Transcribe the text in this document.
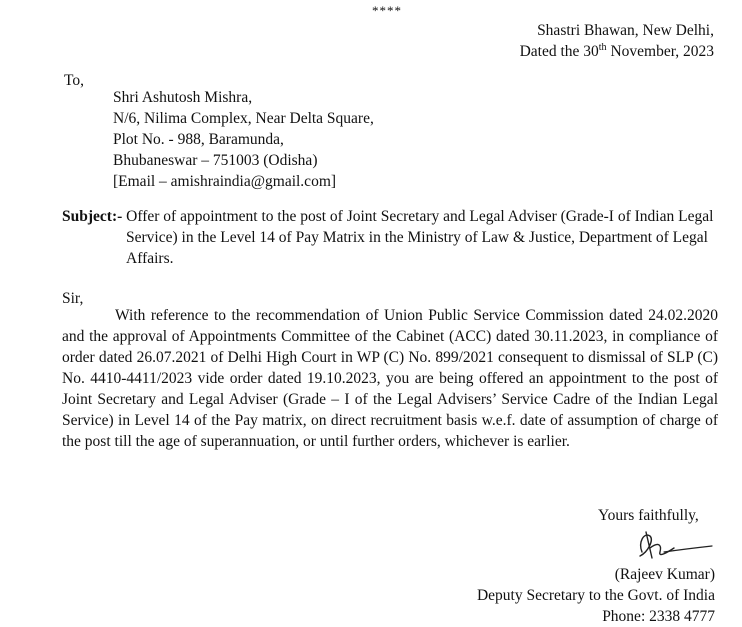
****
Shastri Bhawan, New Delhi,
Dated the 30th November, 2023
To,
Shri Ashutosh Mishra,
N/6, Nilima Complex, Near Delta Square,
Plot No. - 988, Baramunda,
Bhubaneswar – 751003 (Odisha)
[Email – amishraindia@gmail.com]
Subject:- Offer of appointment to the post of Joint Secretary and Legal Adviser (Grade-I of Indian Legal Service) in the Level 14 of Pay Matrix in the Ministry of Law & Justice, Department of Legal Affairs.
Sir,

With reference to the recommendation of Union Public Service Commission dated 24.02.2020 and the approval of Appointments Committee of the Cabinet (ACC) dated 30.11.2023, in compliance of order dated 26.07.2021 of Delhi High Court in WP (C) No. 899/2021 consequent to dismissal of SLP (C) No. 4410-4411/2023 vide order dated 19.10.2023, you are being offered an appointment to the post of Joint Secretary and Legal Adviser (Grade – I of the Legal Advisers’ Service Cadre of the Indian Legal Service) in Level 14 of the Pay matrix, on direct recruitment basis w.e.f. date of assumption of charge of the post till the age of superannuation, or until further orders, whichever is earlier.

Yours faithfully,
(Rajeev Kumar)
Deputy Secretary to the Govt. of India
Phone: 2338 4777
